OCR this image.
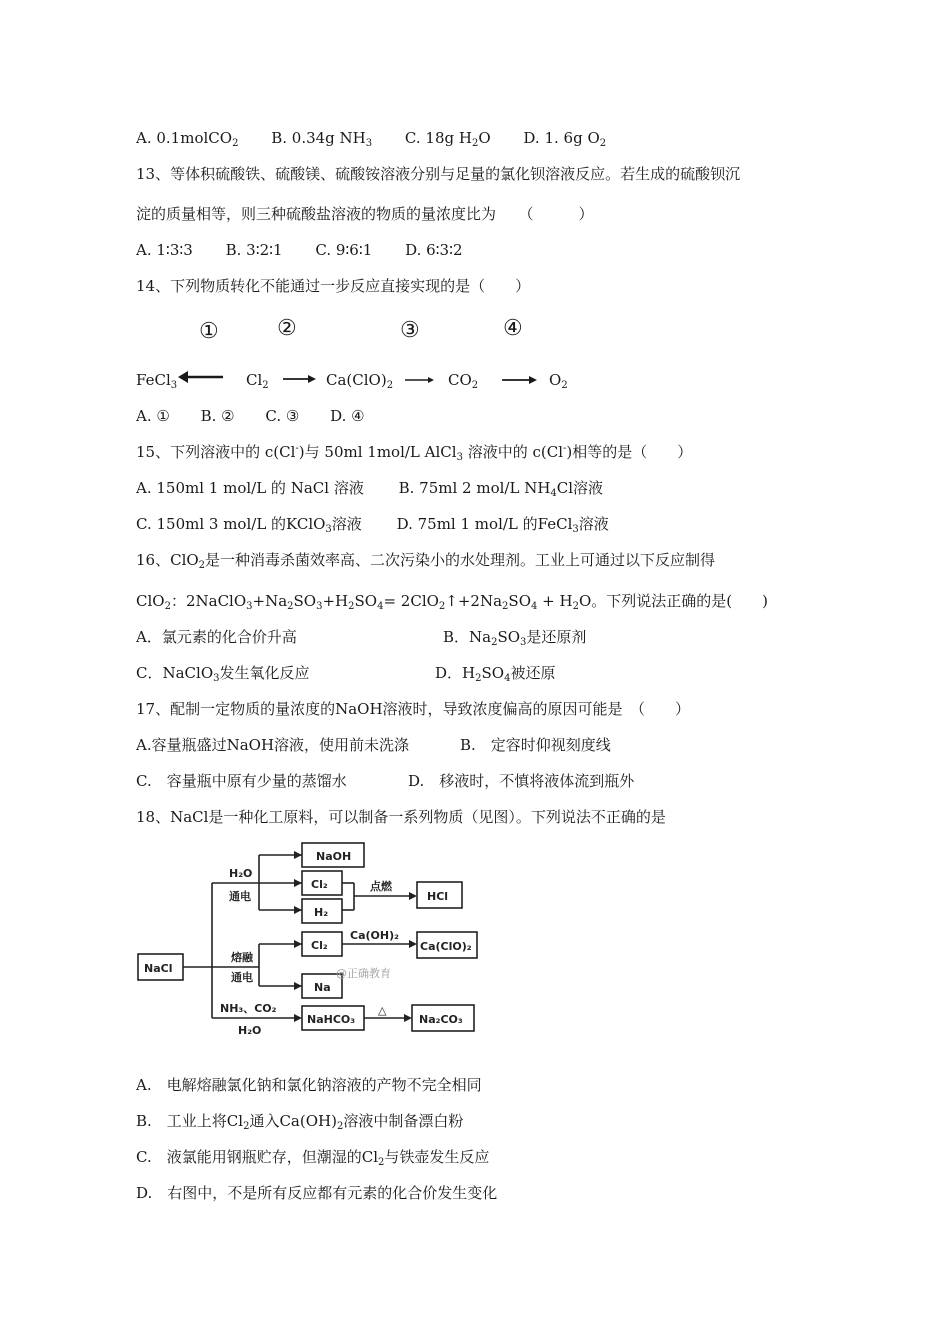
A. 0.1molCO$_2$ B. 0.34g $NH_3$ C. 18g $H_2O$ D. 1. 6g $O_2$
13、等体积硫酸铁、硫酸镁、硫酸铵溶液分别与足量的氯化钡溶液反应。若生成的硫酸钡沉
淀的质量相等，则三种硫酸盐溶液的物质的量浓度比为　　（　　　）
A. 1∶3∶3 B. 3∶2∶1 C. 9∶6∶1 D. 6∶3∶2
14、下列物质转化不能通过一步反应直接实现的是（　　）
①	②	③	④
FeCl$_3$	$Cl_2$	$Ca(ClO)_2$	$CO_2$	$O_2$
A. ① B. ② C. ③ D. ④
15、下列溶液中的 c(Cl-)与 50ml 1mol/L AlCl$_3$ 溶液中的 c(Cl-)相等的是（　　）
A. 150ml 1 mol/L 的 NaCl 溶液 B. 75ml 2 mol/L $NH_4Cl$溶液
C. 150ml 3 mol/L 的KClO$_3$溶液 D. 75ml 1 mol/L 的FeCl$_3$溶液
16、ClO$_2$是一种消毒杀菌效率高、二次污染小的水处理剂。工业上可通过以下反应制得
ClO$_2$：$2NaClO_3+Na_2SO_3+H_2SO_4=$ $2ClO_2↑+2Na_2SO_4 + H_2O$。下列说法正确的是(　　)
A．氯元素的化合价升高	B．$Na_2SO_3$是还原剂
C．NaClO$_3$发生氧化反应	D．$H_2SO_4$被还原
17、配制一定物质的量浓度的NaOH溶液时，导致浓度偏高的原因可能是　（　　）
A.容量瓶盛过NaOH溶液，使用前未洗涤	B.　定容时仰视刻度线
C.　容量瓶中原有少量的蒸馏水	D.　移液时，不慎将液体流到瓶外
18、NaCl是一种化工原料，可以制备一系列物质（见图）。下列说法不正确的是
NaCl
H₂O
通电
熔融
通电
NH₃、CO₂
H₂O
NaOH
Cl₂
H₂
点燃
HCl
Cl₂
Ca(OH)₂
Ca(ClO)₂
Na
NaHCO₃
△
Na₂CO₃
@正确教育
A.　电解熔融氯化钠和氯化钠溶液的产物不完全相同
B.　工业上将$Cl_2$通入$Ca(OH)_2$溶液中制备漂白粉
C.　液氯能用钢瓶贮存，但潮湿的$Cl_2$与铁壶发生反应
D.　右图中，不是所有反应都有元素的化合价发生变化
